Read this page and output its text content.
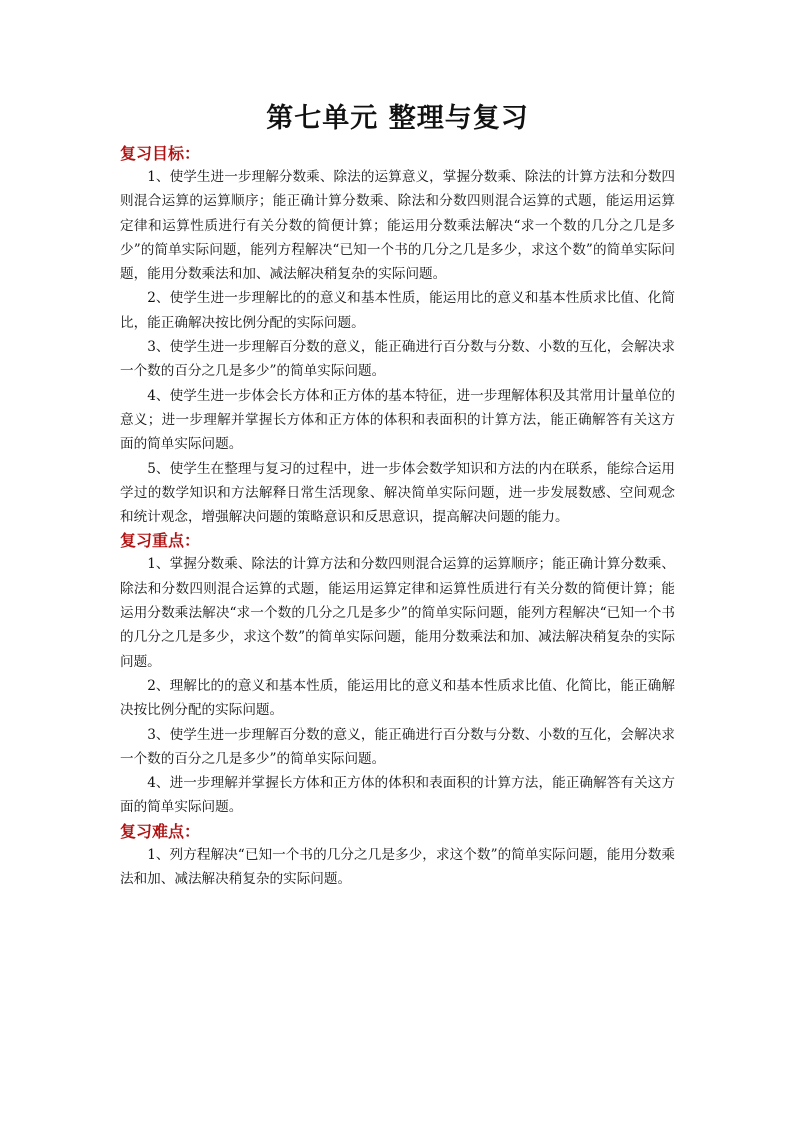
第七单元 整理与复习
复习目标：

1、使学生进一步理解分数乘、除法的运算意义，掌握分数乘、除法的计算方法和分数四则混合运算的运算顺序；能正确计算分数乘、除法和分数四则混合运算的式题，能运用运算定律和运算性质进行有关分数的简便计算；能运用分数乘法解决“求一个数的几分之几是多少”的简单实际问题，能列方程解决“已知一个书的几分之几是多少，求这个数”的简单实际问题，能用分数乘法和加、减法解决稍复杂的实际问题。

2、使学生进一步理解比的的意义和基本性质，能运用比的意义和基本性质求比值、化简比，能正确解决按比例分配的实际问题。

3、使学生进一步理解百分数的意义，能正确进行百分数与分数、小数的互化，会解决求一个数的百分之几是多少”的简单实际问题。

4、使学生进一步体会长方体和正方体的基本特征，进一步理解体积及其常用计量单位的意义；进一步理解并掌握长方体和正方体的体积和表面积的计算方法，能正确解答有关这方面的简单实际问题。

5、使学生在整理与复习的过程中，进一步体会数学知识和方法的内在联系，能综合运用学过的数学知识和方法解释日常生活现象、解决简单实际问题，进一步发展数感、空间观念和统计观念，增强解决问题的策略意识和反思意识，提高解决问题的能力。

复习重点：

1、掌握分数乘、除法的计算方法和分数四则混合运算的运算顺序；能正确计算分数乘、除法和分数四则混合运算的式题，能运用运算定律和运算性质进行有关分数的简便计算；能运用分数乘法解决“求一个数的几分之几是多少”的简单实际问题，能列方程解决“已知一个书的几分之几是多少，求这个数”的简单实际问题，能用分数乘法和加、减法解决稍复杂的实际问题。

2、理解比的的意义和基本性质，能运用比的意义和基本性质求比值、化简比，能正确解决按比例分配的实际问题。

3、使学生进一步理解百分数的意义，能正确进行百分数与分数、小数的互化，会解决求一个数的百分之几是多少”的简单实际问题。

4、进一步理解并掌握长方体和正方体的体积和表面积的计算方法，能正确解答有关这方面的简单实际问题。

复习难点：

1、列方程解决“已知一个书的几分之几是多少，求这个数”的简单实际问题，能用分数乘法和加、减法解决稍复杂的实际问题。
